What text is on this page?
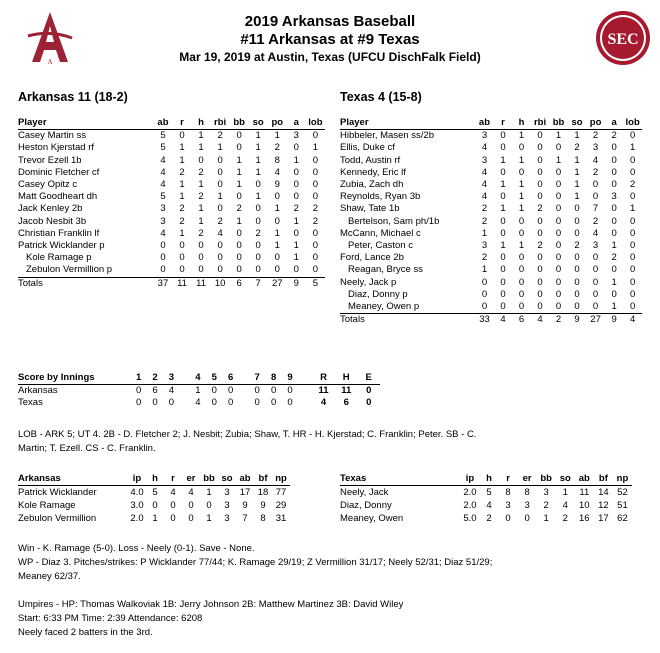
A
SEC
2019 Arkansas Baseball
#11 Arkansas at #9 Texas
Mar 19, 2019 at Austin, Texas (UFCU DischFalk Field)
Arkansas 11 (18-2)	Texas 4 (15-8)
Player	ab	r	h	rbi	bb	so	po	a	lob
Casey Martin ss	5	0	1	2	0	1	1	3	0
Heston Kjerstad rf	5	1	1	1	0	1	2	0	1
Trevor Ezell 1b	4	1	0	0	1	1	8	1	0
Dominic Fletcher cf	4	2	2	0	1	1	4	0	0
Casey Opitz c	4	1	1	0	1	0	9	0	0
Matt Goodheart dh	5	1	2	1	0	1	0	0	0
Jack Kenley 2b	3	2	1	0	2	0	1	2	2
Jacob Nesbit 3b	3	2	1	2	1	0	0	1	2
Christian Franklin lf	4	1	2	4	0	2	1	0	0
Patrick Wicklander p	0	0	0	0	0	0	1	1	0
Kole Ramage p	0	0	0	0	0	0	0	1	0
Zebulon Vermillion p	0	0	0	0	0	0	0	0	0
Totals	37	11	11	10	6	7	27	9	5
Player	ab	r	h	rbi	bb	so	po	a	lob
Hibbeler, Masen ss/2b	3	0	1	0	1	1	2	2	0
Ellis, Duke cf	4	0	0	0	0	2	3	0	1
Todd, Austin rf	3	1	1	0	1	1	4	0	0
Kennedy, Eric lf	4	0	0	0	0	1	2	0	0
Zubia, Zach dh	4	1	1	0	0	1	0	0	2
Reynolds, Ryan 3b	4	0	1	0	0	1	0	3	0
Shaw, Tate 1b	2	1	1	2	0	0	7	0	1
Bertelson, Sam ph/1b	2	0	0	0	0	0	2	0	0
McCann, Michael c	1	0	0	0	0	0	4	0	0
Peter, Caston c	3	1	1	2	0	2	3	1	0
Ford, Lance 2b	2	0	0	0	0	0	0	2	0
Reagan, Bryce ss	1	0	0	0	0	0	0	0	0
Neely, Jack p	0	0	0	0	0	0	0	1	0
Diaz, Donny p	0	0	0	0	0	0	0	0	0
Meaney, Owen p	0	0	0	0	0	0	0	1	0
Totals	33	4	6	4	2	9	27	9	4
Score by Innings	1	2	3	4	5	6	7	8	9	R	H	E
Arkansas	0	6	4	1	0	0	0	0	0	11	11	0
Texas	0	0	0	4	0	0	0	0	0	4	6	0
LOB - ARK 5; UT 4. 2B - D. Fletcher 2; J. Nesbit; Zubia; Shaw, T. HR - H. Kjerstad; C. Franklin; Peter. SB - C.
Martin; T. Ezell. CS - C. Franklin.
Arkansas	ip	h	r	er	bb	so	ab	bf	np
Patrick Wicklander	4.0	5	4	4	1	3	17	18	77
Kole Ramage	3.0	0	0	0	0	3	9	9	29
Zebulon Vermillion	2.0	1	0	0	1	3	7	8	31
Texas	ip	h	r	er	bb	so	ab	bf	np
Neely, Jack	2.0	5	8	8	3	1	11	14	52
Diaz, Donny	2.0	4	3	3	2	4	10	12	51
Meaney, Owen	5.0	2	0	0	1	2	16	17	62
Win - K. Ramage (5-0). Loss - Neely (0-1). Save - None.
WP - Diaz 3. Pitches/strikes: P Wicklander 77/44; K. Ramage 29/19; Z Vermillion 31/17; Neely 52/31; Diaz 51/29;
Meaney 62/37.
Umpires - HP: Thomas Walkoviak 1B: Jerry Johnson 2B: Matthew Martinez 3B: David Wiley
Start: 6:33 PM Time: 2:39 Attendance: 6208
Neely faced 2 batters in the 3rd.
